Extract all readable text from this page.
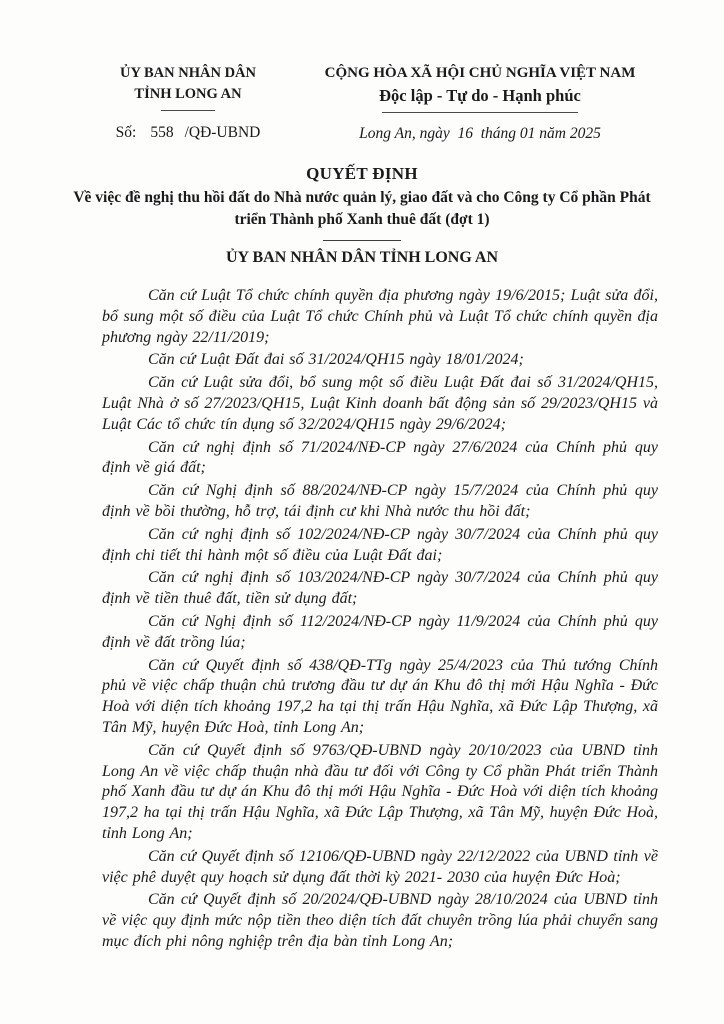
ỦY BAN NHÂN DÂN
TỈNH LONG AN
Số: 558 /QĐ-UBND
CỘNG HÒA XÃ HỘI CHỦ NGHĨA VIỆT NAM
Độc lập - Tự do - Hạnh phúc
Long An, ngày  16  tháng 01 năm 2025
QUYẾT ĐỊNH
Về việc đề nghị thu hồi đất do Nhà nước quản lý, giao đất và cho Công ty Cổ phần Phát triển Thành phố Xanh thuê đất (đợt 1)
ỦY BAN NHÂN DÂN TỈNH LONG AN

Căn cứ Luật Tổ chức chính quyền địa phương ngày 19/6/2015; Luật sửa đổi, bổ sung một số điều của Luật Tổ chức Chính phủ và Luật Tổ chức chính quyền địa phương ngày 22/11/2019;

Căn cứ Luật Đất đai số 31/2024/QH15 ngày 18/01/2024;

Căn cứ Luật sửa đổi, bổ sung một số điều Luật Đất đai số 31/2024/QH15, Luật Nhà ở số 27/2023/QH15, Luật Kinh doanh bất động sản số 29/2023/QH15 và Luật Các tổ chức tín dụng số 32/2024/QH15 ngày 29/6/2024;

Căn cứ nghị định số 71/2024/NĐ-CP ngày 27/6/2024 của Chính phủ quy định về giá đất;

Căn cứ Nghị định số 88/2024/NĐ-CP ngày 15/7/2024 của Chính phủ quy định về bồi thường, hỗ trợ, tái định cư khi Nhà nước thu hồi đất;

Căn cứ nghị định số 102/2024/NĐ-CP ngày 30/7/2024 của Chính phủ quy định chi tiết thi hành một số điều của Luật Đất đai;

Căn cứ nghị định số 103/2024/NĐ-CP ngày 30/7/2024 của Chính phủ quy định về tiền thuê đất, tiền sử dụng đất;

Căn cứ Nghị định số 112/2024/NĐ-CP ngày 11/9/2024 của Chính phủ quy định về đất trồng lúa;

Căn cứ Quyết định số 438/QĐ-TTg ngày 25/4/2023 của Thủ tướng Chính phủ về việc chấp thuận chủ trương đầu tư dự án Khu đô thị mới Hậu Nghĩa - Đức Hoà với diện tích khoảng 197,2 ha tại thị trấn Hậu Nghĩa, xã Đức Lập Thượng, xã Tân Mỹ, huyện Đức Hoà, tỉnh Long An;

Căn cứ Quyết định số 9763/QĐ-UBND ngày 20/10/2023 của UBND tỉnh Long An về việc chấp thuận nhà đầu tư đối với Công ty Cổ phần Phát triển Thành phố Xanh đầu tư dự án Khu đô thị mới Hậu Nghĩa - Đức Hoà với diện tích khoảng 197,2 ha tại thị trấn Hậu Nghĩa, xã Đức Lập Thượng, xã Tân Mỹ, huyện Đức Hoà, tỉnh Long An;

Căn cứ Quyết định số 12106/QĐ-UBND ngày 22/12/2022 của UBND tỉnh về việc phê duyệt quy hoạch sử dụng đất thời kỳ 2021- 2030 của huyện Đức Hoà;

Căn cứ Quyết định số 20/2024/QĐ-UBND ngày 28/10/2024 của UBND tỉnh về việc quy định mức nộp tiền theo diện tích đất chuyên trồng lúa phải chuyển sang mục đích phi nông nghiệp trên địa bàn tỉnh Long An;
